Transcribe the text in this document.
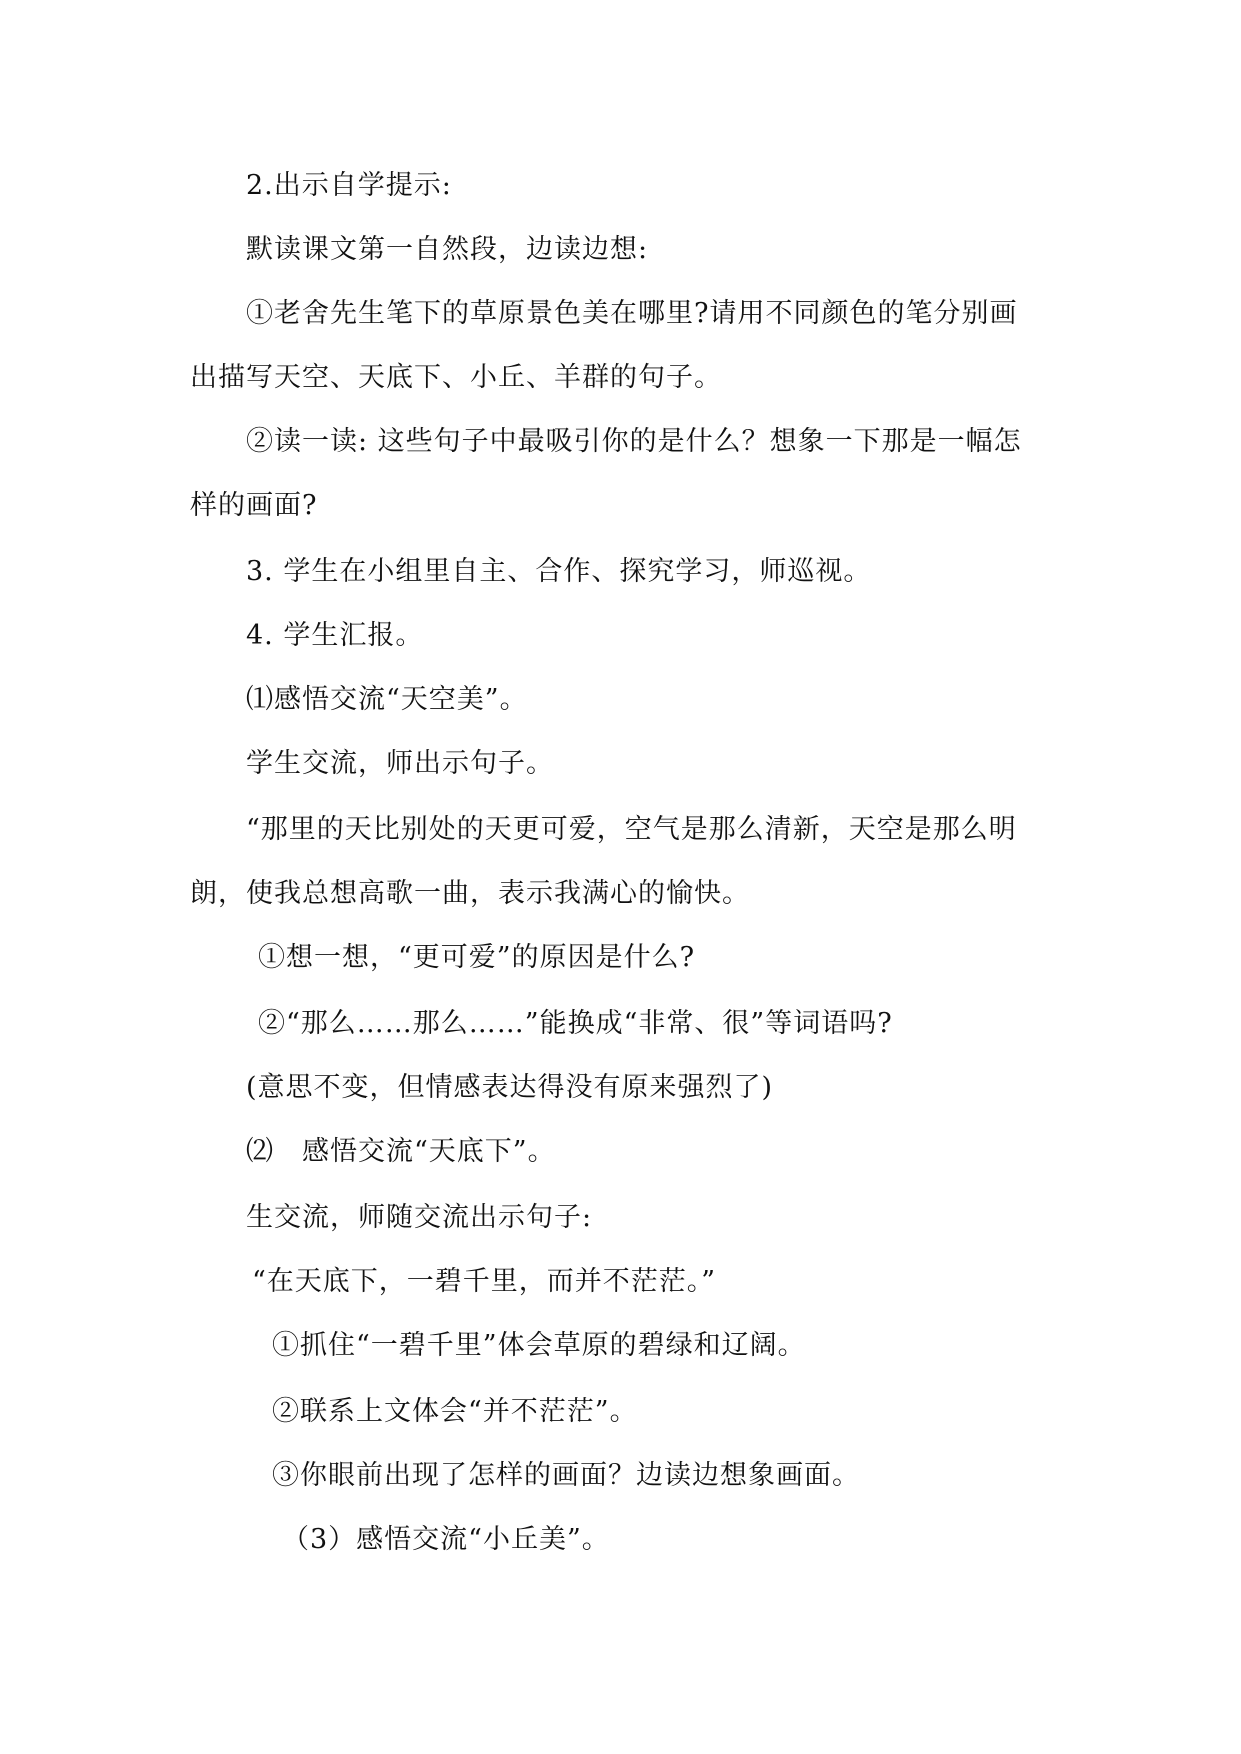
2.出示自学提示:
默读课文第一自然段，边读边想:
①老舍先生笔下的草原景色美在哪里?请用不同颜色的笔分别画
出描写天空、天底下、小丘、羊群的句子。
②读一读: 这些句子中最吸引你的是什么？想象一下那是一幅怎
样的画面?
3. 学生在小组里自主、合作、探究学习，师巡视。
4. 学生汇报。
⑴感悟交流“天空美”。
学生交流，师出示句子。
“那里的天比别处的天更可爱，空气是那么清新，天空是那么明
朗，使我总想高歌一曲，表示我满心的愉快。
①想一想，“更可爱”的原因是什么?
②“那么……那么……”能换成“非常、很”等词语吗?
(意思不变，但情感表达得没有原来强烈了)
⑵　感悟交流“天底下”。
生交流，师随交流出示句子:
“在天底下，一碧千里，而并不茫茫。”
①抓住“一碧千里”体会草原的碧绿和辽阔。
②联系上文体会“并不茫茫”。
③你眼前出现了怎样的画面？边读边想象画面。
（3）感悟交流“小丘美”。
